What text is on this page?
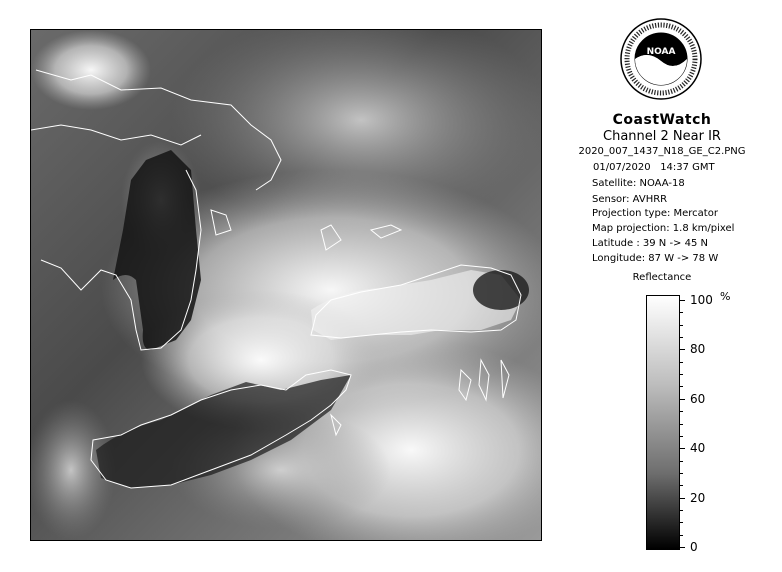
NOAA
CoastWatch
Channel 2 Near IR
2020_007_1437_N18_GE_C2.PNG
01/07/2020 14:37 GMT
Satellite: NOAA-18
Sensor: AVHRR
Projection type: Mercator
Map projection: 1.8 km/pixel
Latitude : 39 N -> 45 N
Longitude: 87 W -> 78 W
Reflectance
%
100
80
60
40
20
0
